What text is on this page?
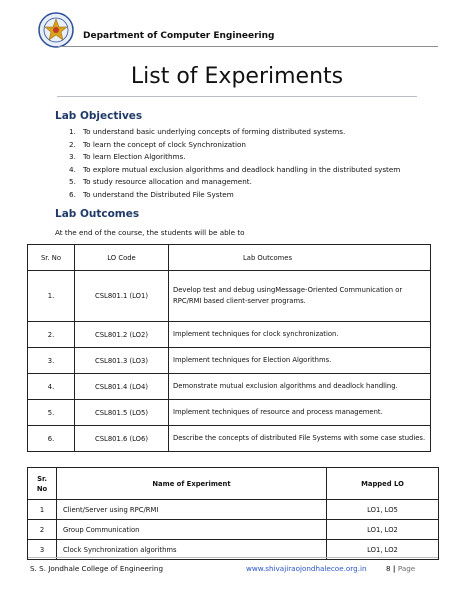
Department of Computer Engineering
List of Experiments
Lab Objectives
1. To understand basic underlying concepts of forming distributed systems.
2. To learn the concept of clock Synchronization
3. To learn Election Algorithms.
4. To explore mutual exclusion algorithms and deadlock handling in the distributed system
5. To study resource allocation and management.
6. To understand the Distributed File System
Lab Outcomes
At the end of the course, the students will be able to
Sr. No	LO Code	Lab Outcomes
1.	CSL801.1 (LO1)	Develop test and debug usingMessage-Oriented Communication or
RPC/RMI based client-server programs.

2.	CSL801.2 (LO2)	Implement techniques for clock synchronization.
3.	CSL801.3 (LO3)	Implement techniques for Election Algorithms.
4.	CSL801.4 (LO4)	Demonstrate mutual exclusion algorithms and deadlock handling.
5.	CSL801.5 (LO5)	Implement techniques of resource and process management.
6.	CSL801.6 (LO6)	Describe the concepts of distributed File Systems with some case studies.
Sr.
No	Name of Experiment	Mapped LO
1	Client/Server using RPC/RMI	LO1, LO5
2	Group Communication	LO1, LO2
3	Clock Synchronization algorithms	LO1, LO2
S. S. Jondhale College of Engineering	www.shivajiraojondhalecoe.org.in	8 | Page
